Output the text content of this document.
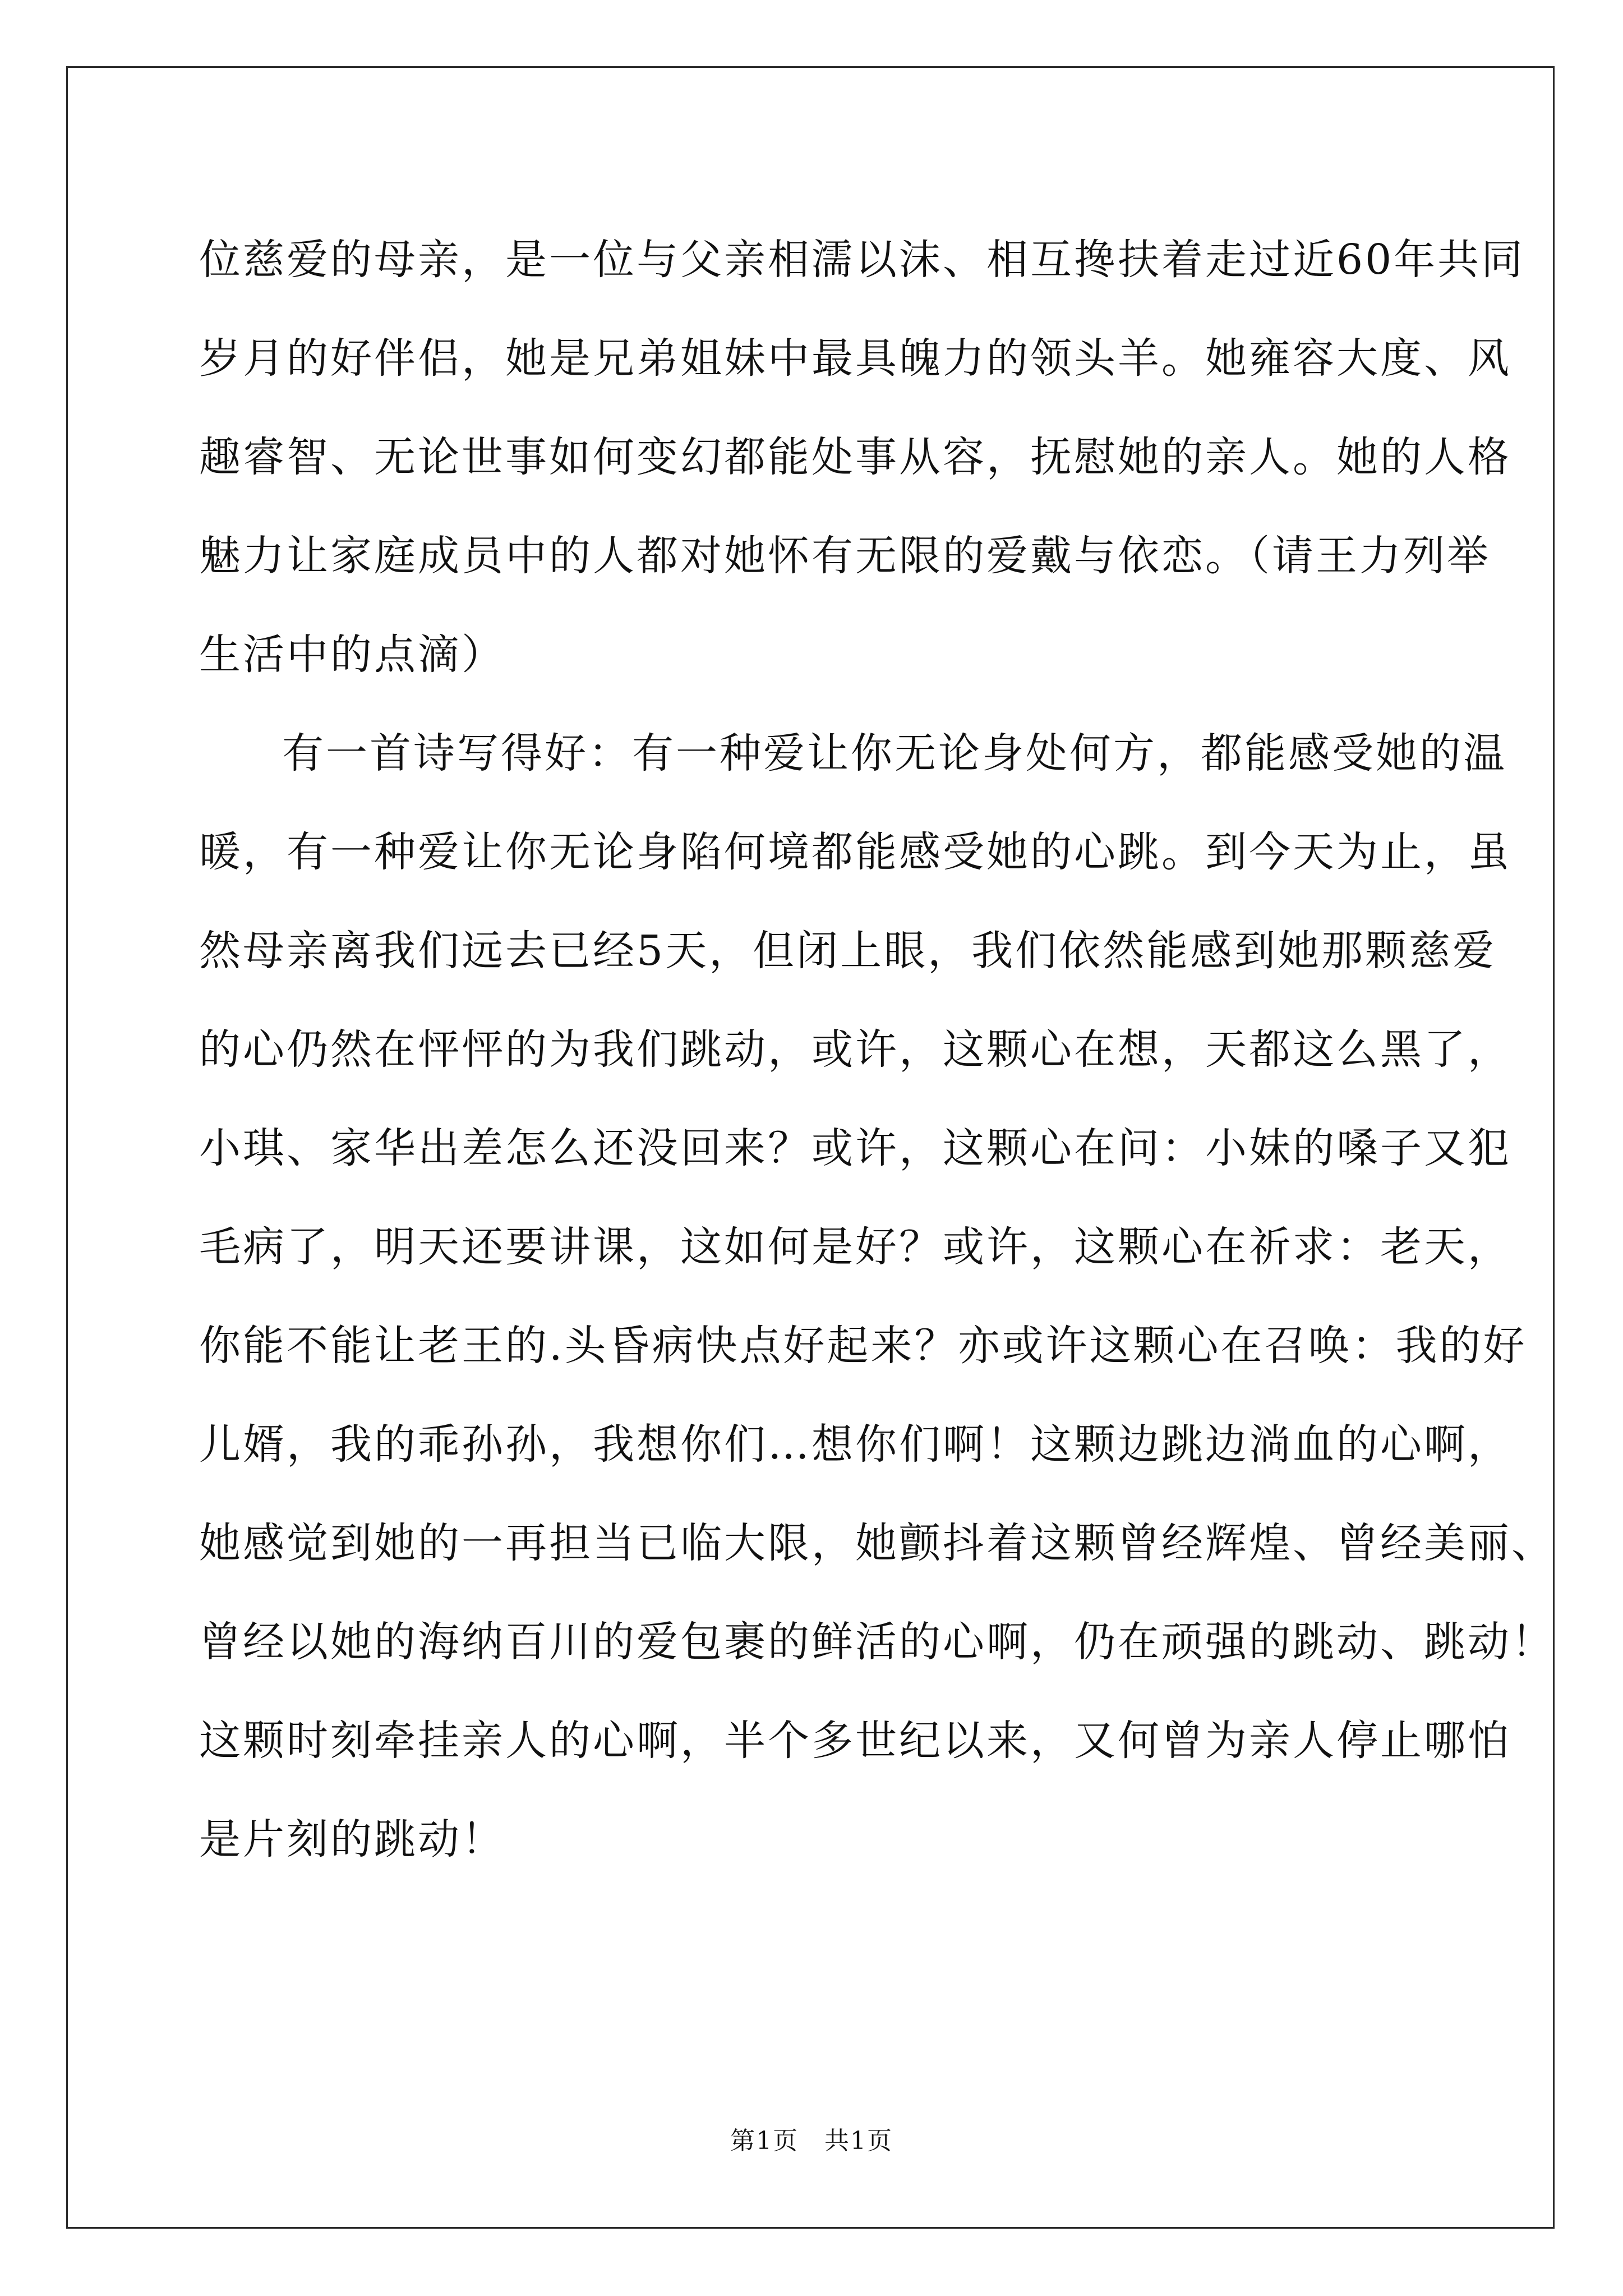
位慈爱的母亲，是一位与父亲相濡以沫、相互搀扶着走过近60年共同
岁月的好伴侣，她是兄弟姐妹中最具魄力的领头羊。她雍容大度、风
趣睿智、无论世事如何变幻都能处事从容，抚慰她的亲人。她的人格
魅力让家庭成员中的人都对她怀有无限的爱戴与依恋。（请王力列举
生活中的点滴）

有一首诗写得好：有一种爱让你无论身处何方，都能感受她的温
暖，有一种爱让你无论身陷何境都能感受她的心跳。到今天为止，虽
然母亲离我们远去已经5天，但闭上眼，我们依然能感到她那颗慈爱
的心仍然在怦怦的为我们跳动，或许，这颗心在想，天都这么黑了，
小琪、家华出差怎么还没回来？或许，这颗心在问：小妹的嗓子又犯
毛病了，明天还要讲课，这如何是好？或许，这颗心在祈求：老天，
你能不能让老王的.头昏病快点好起来？亦或许这颗心在召唤：我的好
儿婿，我的乖孙孙，我想你们…想你们啊！这颗边跳边淌血的心啊，
她感觉到她的一再担当已临大限，她颤抖着这颗曾经辉煌、曾经美丽、
曾经以她的海纳百川的爱包裹的鲜活的心啊，仍在顽强的跳动、跳动！
这颗时刻牵挂亲人的心啊，半个多世纪以来，又何曾为亲人停止哪怕
是片刻的跳动！

第1页　共1页
